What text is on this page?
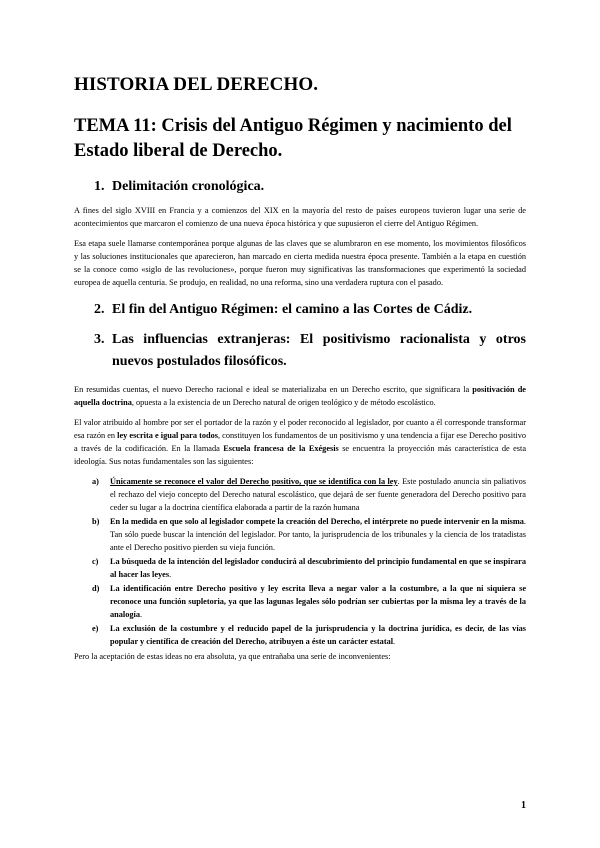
HISTORIA DEL DERECHO.
TEMA 11: Crisis del Antiguo Régimen y nacimiento del Estado liberal de Derecho.
1. Delimitación cronológica.

A fines del siglo XVIII en Francia y a comienzos del XIX en la mayoría del resto de países europeos tuvieron lugar una serie de acontecimientos que marcaron el comienzo de una nueva época histórica y que supusieron el cierre del Antiguo Régimen.

Esa etapa suele llamarse contemporánea porque algunas de las claves que se alumbraron en ese momento, los movimientos filosóficos y las soluciones institucionales que aparecieron, han marcado en cierta medida nuestra época presente. También a la etapa en cuestión se la conoce como «siglo de las revoluciones», porque fueron muy significativas las transformaciones que experimentó la sociedad europea de aquella centuria. Se produjo, en realidad, no una reforma, sino una verdadera ruptura con el pasado.

2. El fin del Antiguo Régimen: el camino a las Cortes de Cádiz.
3. Las influencias extranjeras: El positivismo racionalista y otros nuevos postulados filosóficos.

En resumidas cuentas, el nuevo Derecho racional e ideal se materializaba en un Derecho escrito, que significara la positivación de aquella doctrina, opuesta a la existencia de un Derecho natural de origen teológico y de método escolástico.

El valor atribuido al hombre por ser el portador de la razón y el poder reconocido al legislador, por cuanto a él corresponde transformar esa razón en ley escrita e igual para todos, constituyen los fundamentos de un positivismo y una tendencia a fijar ese Derecho positivo a través de la codificación. En la llamada Escuela francesa de la Exégesis se encuentra la proyección más característica de esta ideología. Sus notas fundamentales son las siguientes:

a)	Únicamente se reconoce el valor del Derecho positivo, que se identifica con la ley. Este postulado anuncia sin paliativos el rechazo del viejo concepto del Derecho natural escolástico, que dejará de ser fuente generadora del Derecho positivo para ceder su lugar a la doctrina científica elaborada a partir de la razón humana
b)	En la medida en que solo al legislador compete la creación del Derecho, el intérprete no puede intervenir en la misma. Tan sólo puede buscar la intención del legislador. Por tanto, la jurisprudencia de los tribunales y la ciencia de los tratadistas ante el Derecho positivo pierden su vieja función.
c)	La búsqueda de la intención del legislador conducirá al descubrimiento del principio fundamental en que se inspirara al hacer las leyes.
d)	La identificación entre Derecho positivo y ley escrita lleva a negar valor a la costumbre, a la que ni siquiera se reconoce una función supletoria, ya que las lagunas legales sólo podrían ser cubiertas por la misma ley a través de la analogía.
e)	La exclusión de la costumbre y el reducido papel de la jurisprudencia y la doctrina jurídica, es decir, de las vías popular y científica de creación del Derecho, atribuyen a éste un carácter estatal.

Pero la aceptación de estas ideas no era absoluta, ya que entrañaba una serie de inconvenientes:

1
